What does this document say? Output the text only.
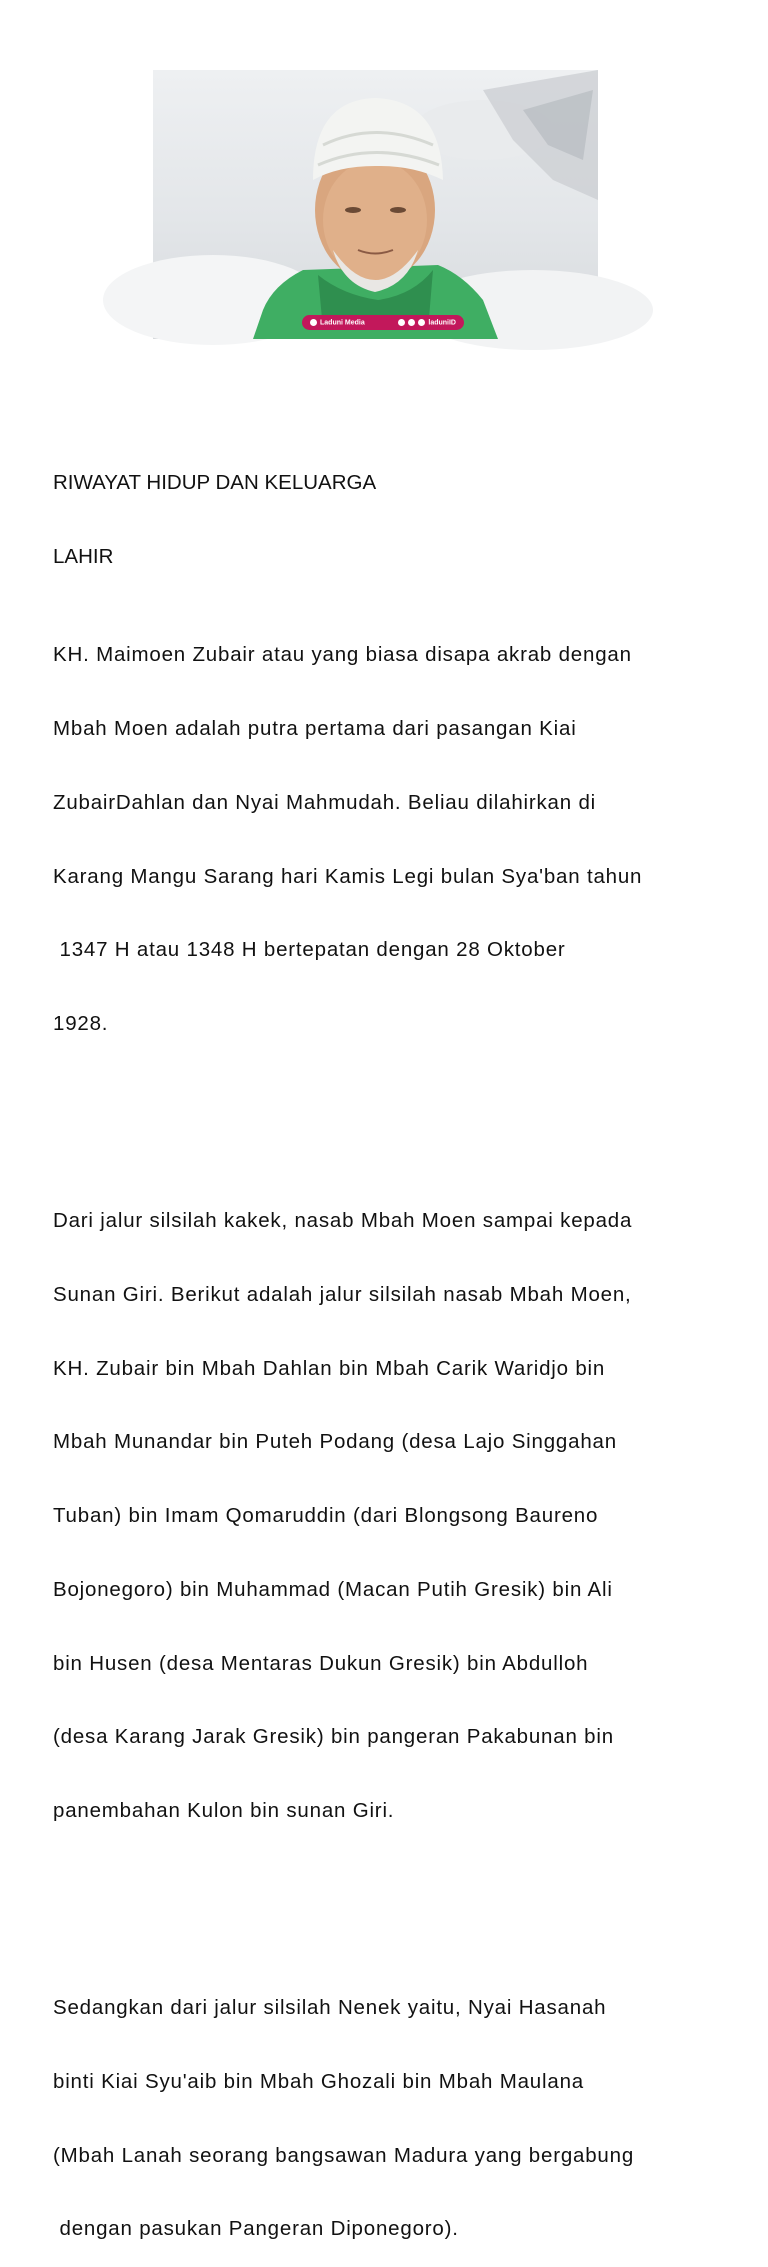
Laduni Media	laduniID

RIWAYAT HIDUP DAN KELUARGA

LAHIR

KH. Maimoen Zubair atau yang biasa disapa akrab dengan

Mbah Moen adalah putra pertama dari pasangan Kiai

ZubairDahlan dan Nyai Mahmudah. Beliau dilahirkan di

Karang Mangu Sarang hari Kamis Legi bulan Sya'ban tahun

1347 H atau 1348 H bertepatan dengan 28 Oktober

1928.

Dari jalur silsilah kakek, nasab Mbah Moen sampai kepada

Sunan Giri. Berikut adalah jalur silsilah nasab Mbah Moen,

KH. Zubair bin Mbah Dahlan bin Mbah Carik Waridjo bin

Mbah Munandar bin Puteh Podang (desa Lajo Singgahan

Tuban) bin Imam Qomaruddin (dari Blongsong Baureno

Bojonegoro) bin Muhammad (Macan Putih Gresik) bin Ali

bin Husen (desa Mentaras Dukun Gresik) bin Abdulloh

(desa Karang Jarak Gresik) bin pangeran Pakabunan bin

panembahan Kulon bin sunan Giri.

Sedangkan dari jalur silsilah Nenek yaitu, Nyai Hasanah

binti Kiai Syu'aib bin Mbah Ghozali bin Mbah Maulana

(Mbah Lanah seorang bangsawan Madura yang bergabung

dengan pasukan Pangeran Diponegoro).
